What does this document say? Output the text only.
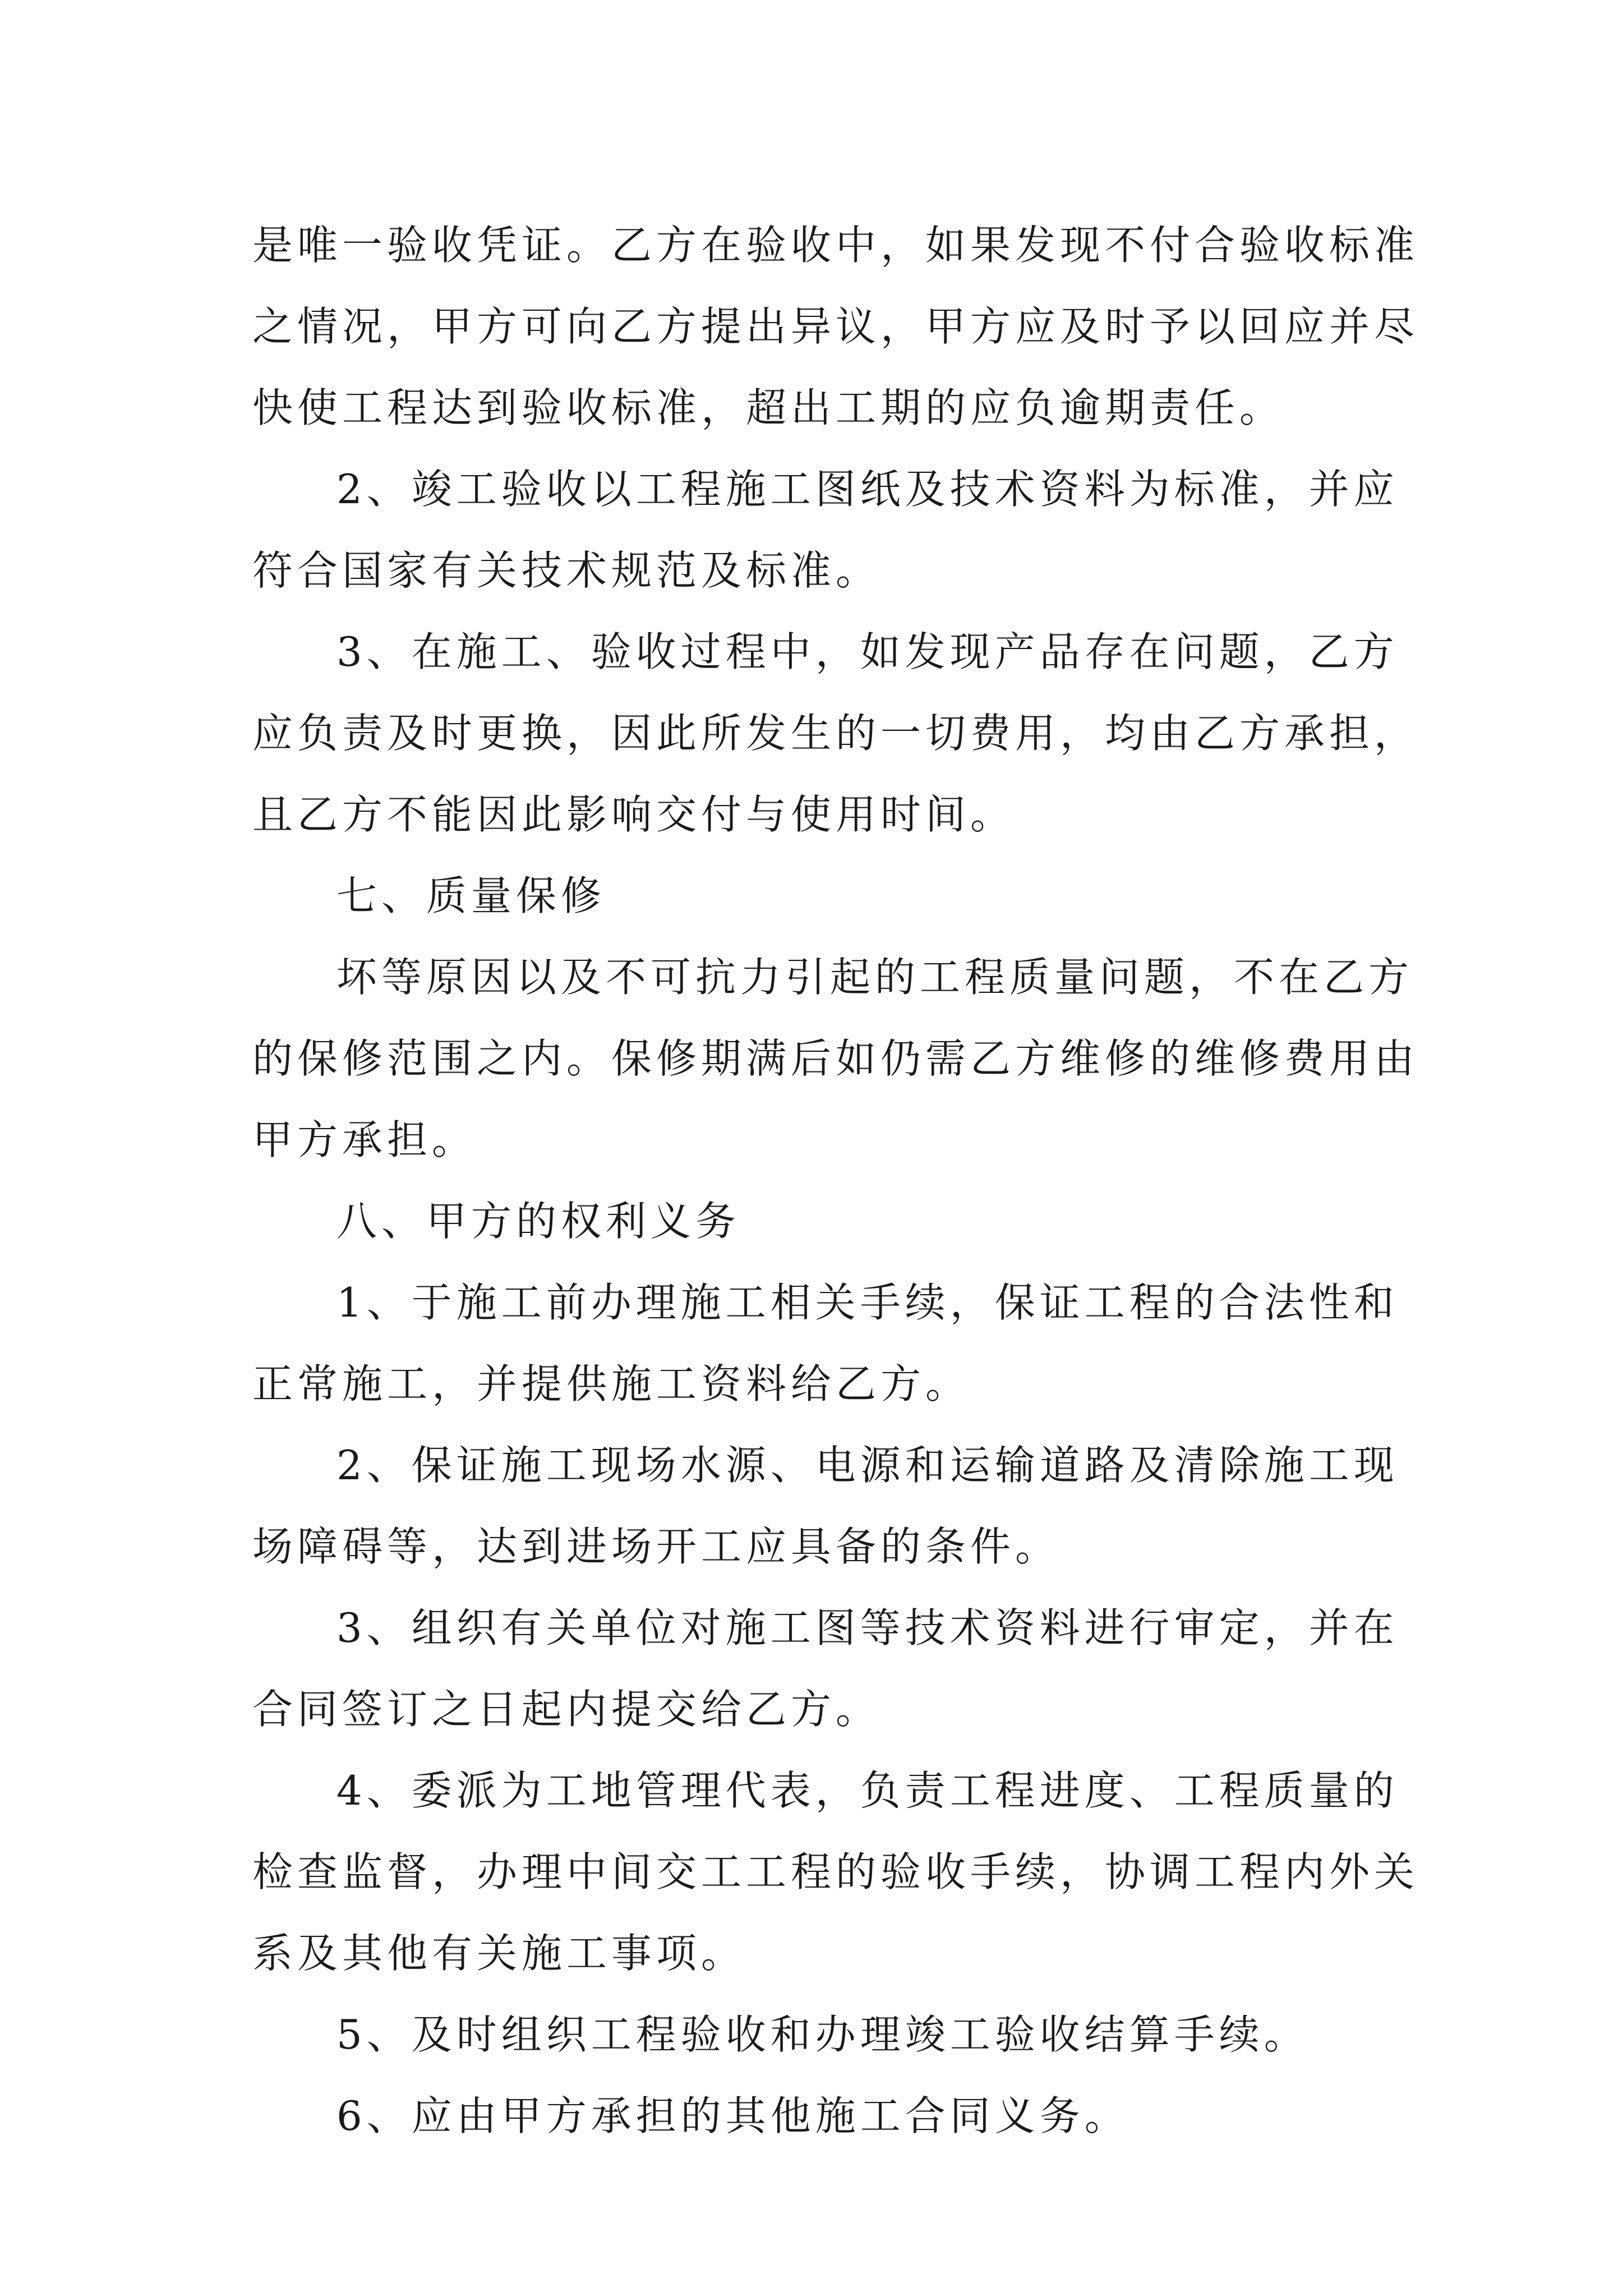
是唯一验收凭证。乙方在验收中，如果发现不付合验收标准

之情况，甲方可向乙方提出异议，甲方应及时予以回应并尽

快使工程达到验收标准，超出工期的应负逾期责任。

2、竣工验收以工程施工图纸及技术资料为标准，并应

符合国家有关技术规范及标准。

3、在施工、验收过程中，如发现产品存在问题，乙方

应负责及时更换，因此所发生的一切费用，均由乙方承担，

且乙方不能因此影响交付与使用时间。

七、质量保修

坏等原因以及不可抗力引起的工程质量问题，不在乙方

的保修范围之内。保修期满后如仍需乙方维修的维修费用由

甲方承担。

八、甲方的权利义务

1、于施工前办理施工相关手续，保证工程的合法性和

正常施工，并提供施工资料给乙方。

2、保证施工现场水源、电源和运输道路及清除施工现

场障碍等，达到进场开工应具备的条件。

3、组织有关单位对施工图等技术资料进行审定，并在

合同签订之日起内提交给乙方。

4、委派为工地管理代表，负责工程进度、工程质量的

检查监督，办理中间交工工程的验收手续，协调工程内外关

系及其他有关施工事项。

5、及时组织工程验收和办理竣工验收结算手续。

6、应由甲方承担的其他施工合同义务。
